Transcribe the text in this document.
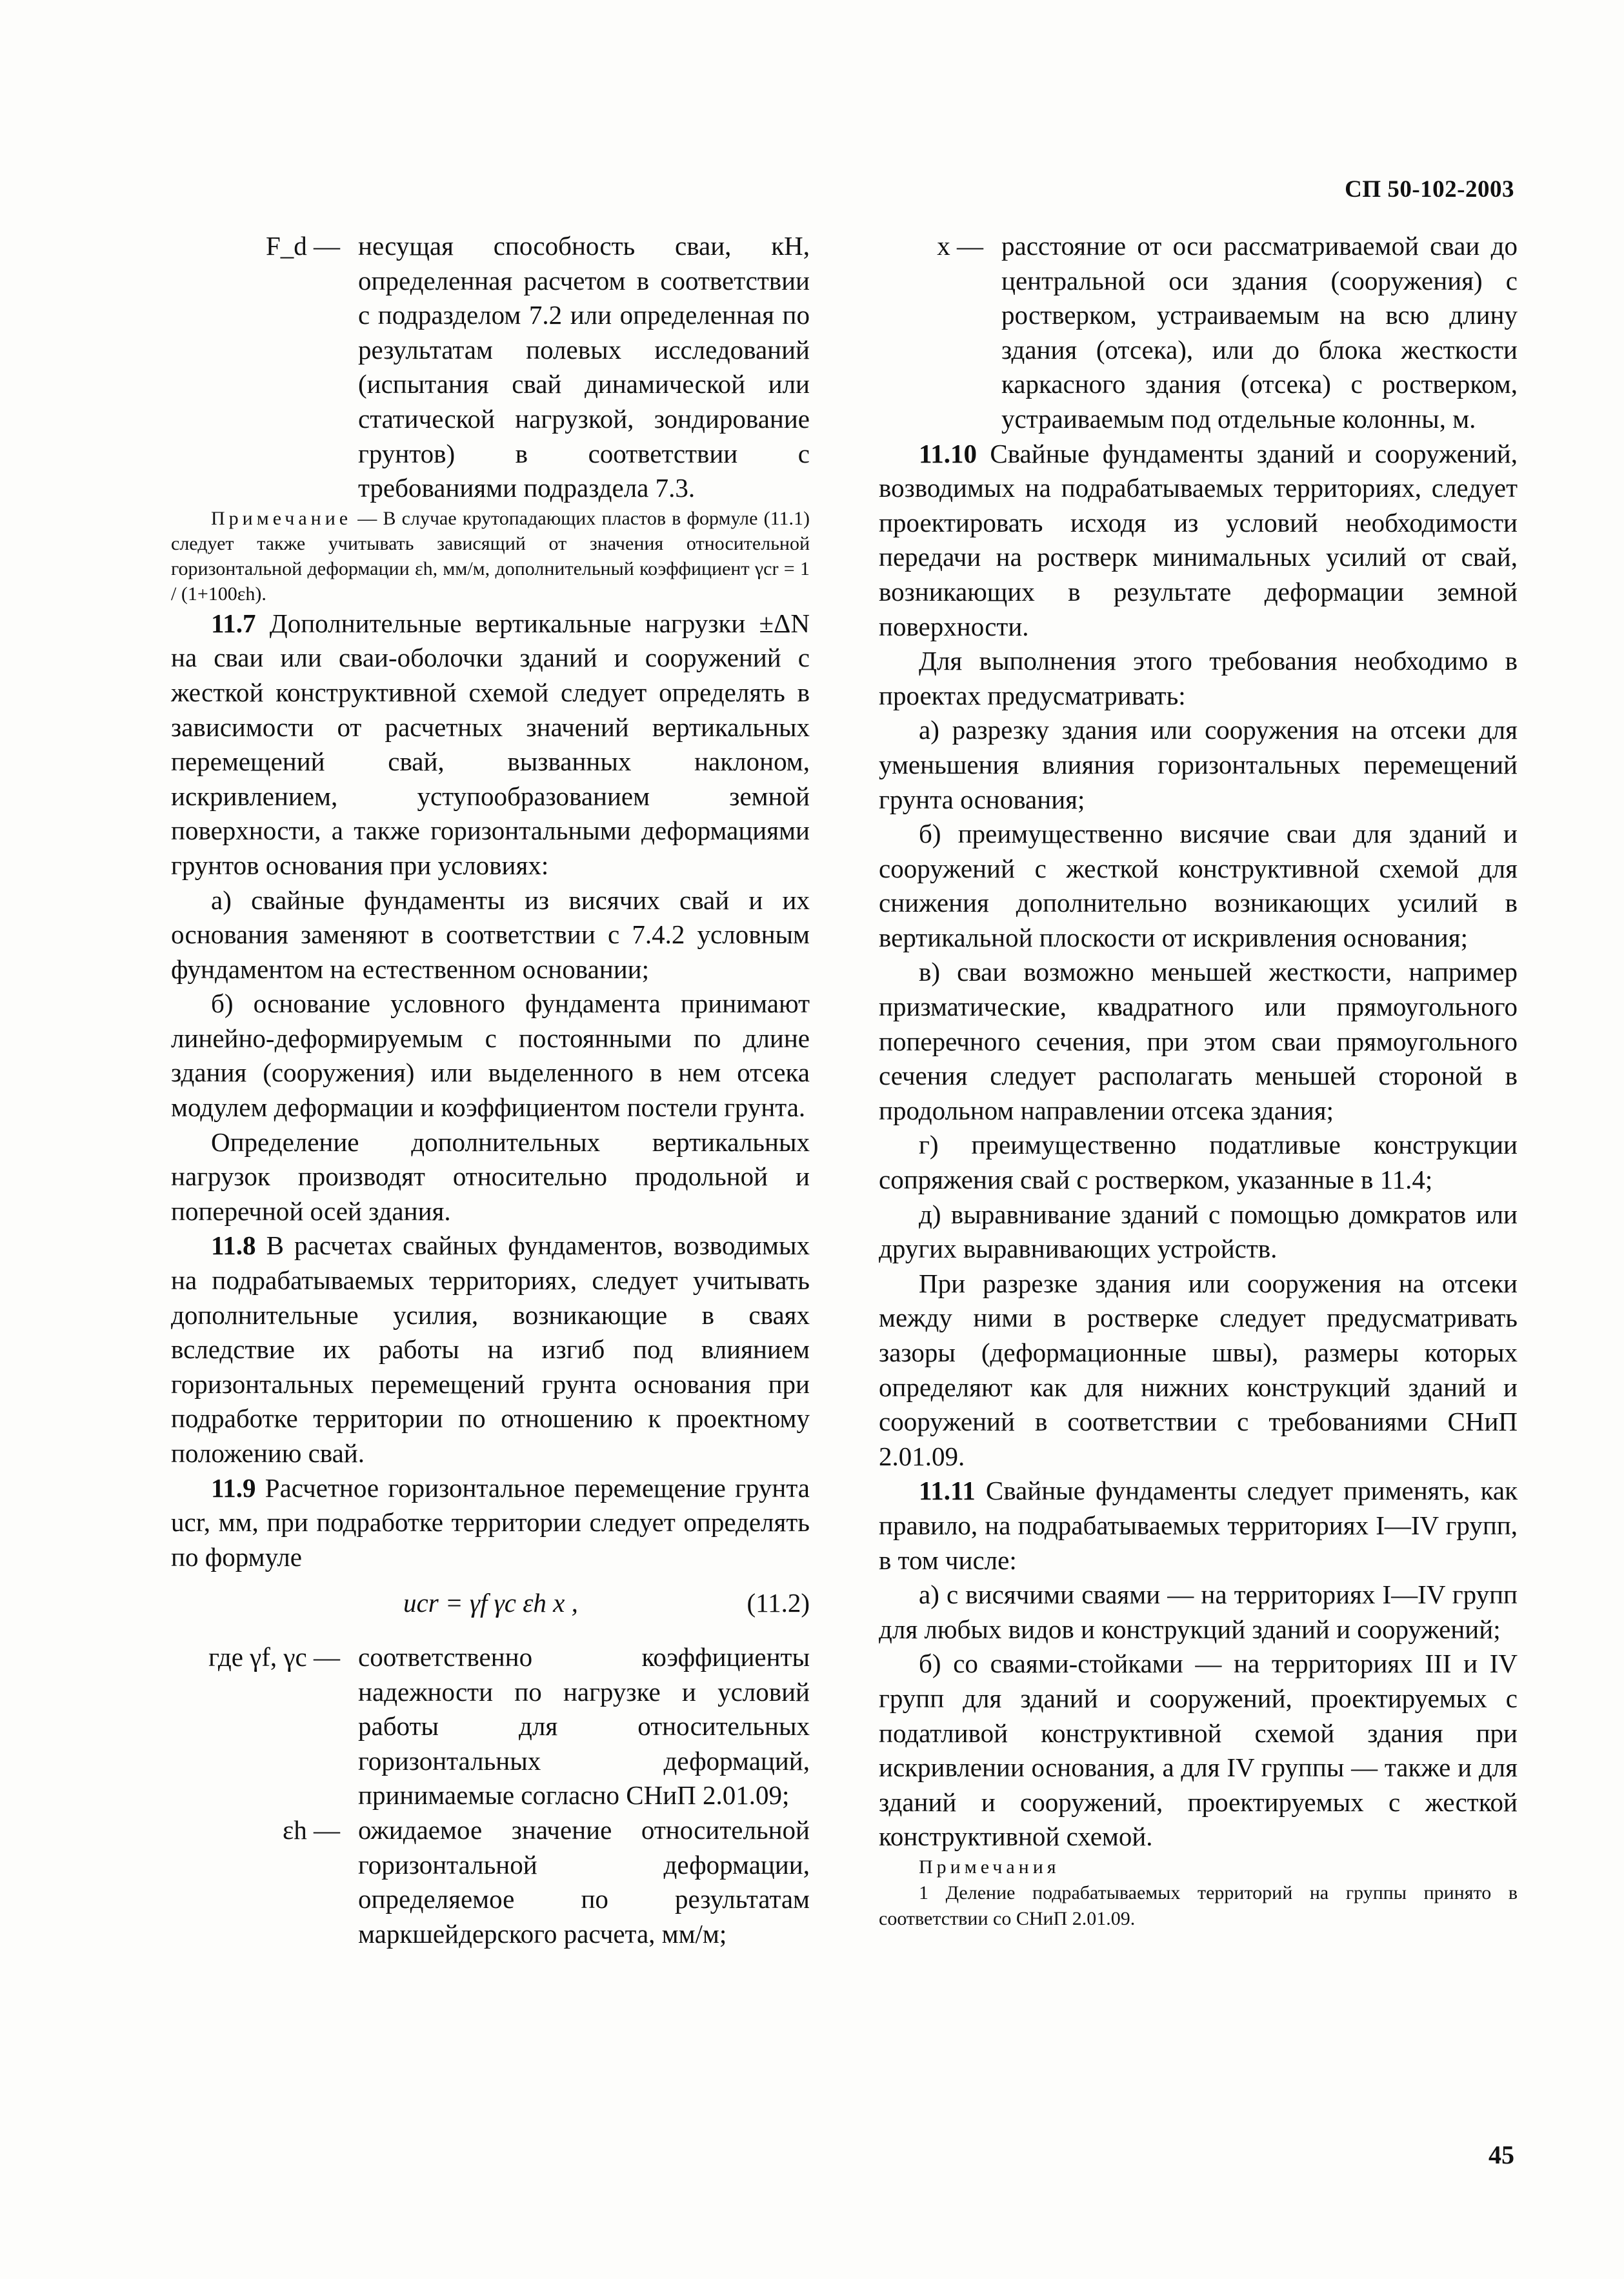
СП 50-102-2003
F_d — несущая способность сваи, кН, определенная расчетом в соответствии с подразделом 7.2 или определенная по результатам полевых исследований (испытания свай динамической или статической нагрузкой, зондирование грунтов) в соответствии с требованиями подраздела 7.3.

Примечание — В случае крутопадающих пластов в формуле (11.1) следует также учитывать зависящий от значения относительной горизонтальной деформации εh, мм/м, дополнительный коэффициент γcr = 1 / (1+100εh).

11.7 Дополнительные вертикальные нагрузки ±ΔN на сваи или сваи-оболочки зданий и сооружений с жесткой конструктивной схемой следует определять в зависимости от расчетных значений вертикальных перемещений свай, вызванных наклоном, искривлением, уступообразованием земной поверхности, а также горизонтальными деформациями грунтов основания при условиях:

а) свайные фундаменты из висячих свай и их основания заменяют в соответствии с 7.4.2 условным фундаментом на естественном основании;

б) основание условного фундамента принимают линейно-деформируемым с постоянными по длине здания (сооружения) или выделенного в нем отсека модулем деформации и коэффициентом постели грунта.

Определение дополнительных вертикальных нагрузок производят относительно продольной и поперечной осей здания.

11.8 В расчетах свайных фундаментов, возводимых на подрабатываемых территориях, следует учитывать дополнительные усилия, возникающие в сваях вследствие их работы на изгиб под влиянием горизонтальных перемещений грунта основания при подработке территории по отношению к проектному положению свай.

11.9 Расчетное горизонтальное перемещение грунта ucr, мм, при подработке территории следует определять по формуле

ucr = γf γc εh x ,	(11.2)
где γf, γc — соответственно коэффициенты надежности по нагрузке и условий работы для относительных горизонтальных деформаций, принимаемые согласно СНиП 2.01.09;
εh — ожидаемое значение относительной горизонтальной деформации, определяемое по результатам маркшейдерского расчета, мм/м;
x — расстояние от оси рассматриваемой сваи до центральной оси здания (сооружения) с ростверком, устраиваемым на всю длину здания (отсека), или до блока жесткости каркасного здания (отсека) с ростверком, устраиваемым под отдельные колонны, м.

11.10 Свайные фундаменты зданий и сооружений, возводимых на подрабатываемых территориях, следует проектировать исходя из условий необходимости передачи на ростверк минимальных усилий от свай, возникающих в результате деформации земной поверхности.

Для выполнения этого требования необходимо в проектах предусматривать:

а) разрезку здания или сооружения на отсеки для уменьшения влияния горизонтальных перемещений грунта основания;

б) преимущественно висячие сваи для зданий и сооружений с жесткой конструктивной схемой для снижения дополнительно возникающих усилий в вертикальной плоскости от искривления основания;

в) сваи возможно меньшей жесткости, например призматические, квадратного или прямоугольного поперечного сечения, при этом сваи прямоугольного сечения следует располагать меньшей стороной в продольном направлении отсека здания;

г) преимущественно податливые конструкции сопряжения свай с ростверком, указанные в 11.4;

д) выравнивание зданий с помощью домкратов или других выравнивающих устройств.

При разрезке здания или сооружения на отсеки между ними в ростверке следует предусматривать зазоры (деформационные швы), размеры которых определяют как для нижних конструкций зданий и сооружений в соответствии с требованиями СНиП 2.01.09.

11.11 Свайные фундаменты следует применять, как правило, на подрабатываемых территориях I—IV групп, в том числе:

а) с висячими сваями — на территориях I—IV групп для любых видов и конструкций зданий и сооружений;

б) со сваями-стойками — на территориях III и IV групп для зданий и сооружений, проектируемых с податливой конструктивной схемой здания при искривлении основания, а для IV группы — также и для зданий и сооружений, проектируемых с жесткой конструктивной схемой.

Примечания

1 Деление подрабатываемых территорий на группы принято в соответствии со СНиП 2.01.09.

45
